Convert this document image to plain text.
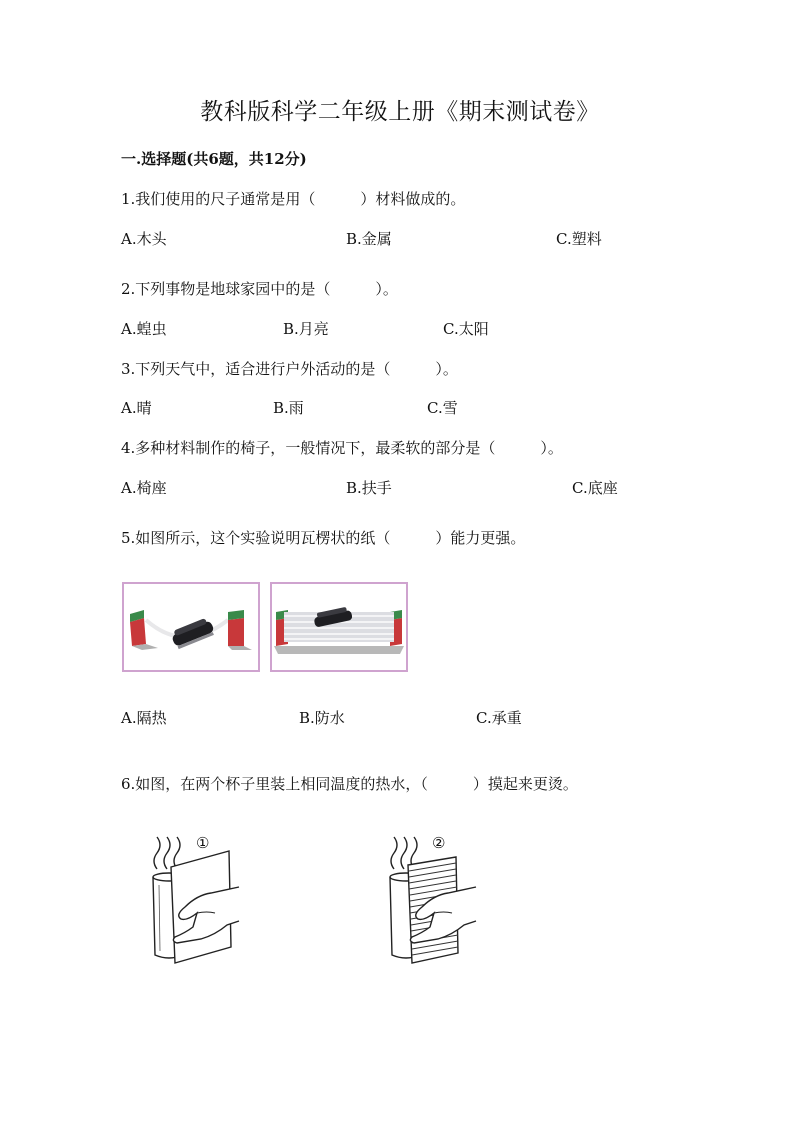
教科版科学二年级上册《期末测试卷》
一.选择题(共6题，共12分)
1.我们使用的尺子通常是用（　　　）材料做成的。
A.木头	B.金属	C.塑料
2.下列事物是地球家园中的是（　　　）。
A.蝗虫	B.月亮	C.太阳
3.下列天气中，适合进行户外活动的是（　　　）。
A.晴	B.雨	C.雪
4.多种材料制作的椅子，一般情况下，最柔软的部分是（　　　）。
A.椅座	B.扶手	C.底座
5.如图所示，这个实验说明瓦楞状的纸（　　　）能力更强。
A.隔热	B.防水	C.承重
6.如图，在两个杯子里装上相同温度的热水，（　　　）摸起来更烫。
①	②
